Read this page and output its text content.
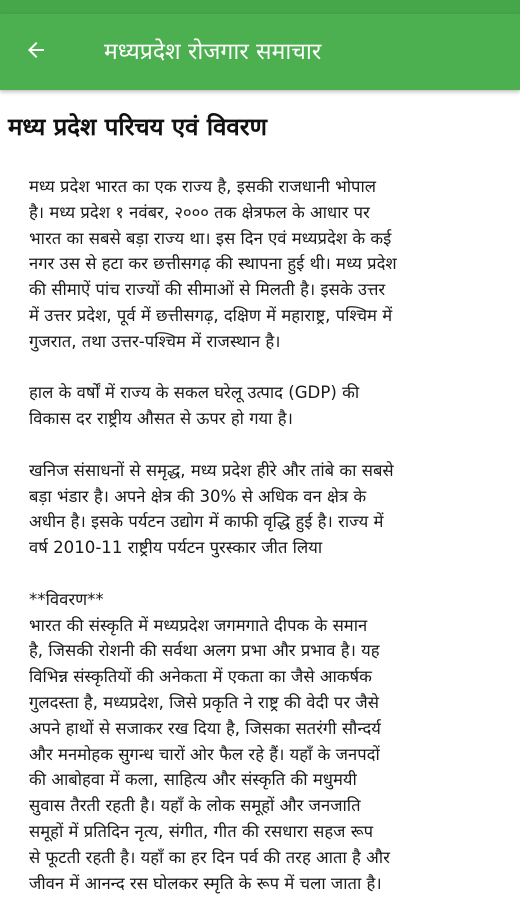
मध्यप्रदेश रोजगार समाचार
मध्य प्रदेश परिचय एवं विवरण

मध्य प्रदेश भारत का एक राज्य है, इसकी राजधानी भोपाल
है। मध्य प्रदेश १ नवंबर, २००० तक क्षेत्रफल के आधार पर
भारत का सबसे बड़ा राज्य था। इस दिन एवं मध्यप्रदेश के कई
नगर उस से हटा कर छत्तीसगढ़ की स्थापना हुई थी। मध्य प्रदेश
की सीमाऐं पांच राज्यों की सीमाओं से मिलती है। इसके उत्तर
में उत्तर प्रदेश, पूर्व में छत्तीसगढ़, दक्षिण में महाराष्ट्र, पश्चिम में
गुजरात, तथा उत्तर-पश्चिम में राजस्थान है।

हाल के वर्षों में राज्य के सकल घरेलू उत्पाद (GDP) की
विकास दर राष्ट्रीय औसत से ऊपर हो गया है।

खनिज संसाधनों से समृद्ध, मध्य प्रदेश हीरे और तांबे का सबसे
बड़ा भंडार है। अपने क्षेत्र की 30% से अधिक वन क्षेत्र के
अधीन है। इसके पर्यटन उद्योग में काफी वृद्धि हुई है। राज्य में
वर्ष 2010-11 राष्ट्रीय पर्यटन पुरस्कार जीत लिया

**विवरण**
भारत की संस्कृति में मध्यप्रदेश जगमगाते दीपक के समान
है, जिसकी रोशनी की सर्वथा अलग प्रभा और प्रभाव है। यह
विभिन्न संस्कृतियों की अनेकता में एकता का जैसे आकर्षक
गुलदस्ता है, मध्यप्रदेश, जिसे प्रकृति ने राष्ट्र की वेदी पर जैसे
अपने हाथों से सजाकर रख दिया है, जिसका सतरंगी सौन्दर्य
और मनमोहक सुगन्ध चारों ओर फैल रहे हैं। यहाँ के जनपदों
की आबोहवा में कला, साहित्य और संस्कृति की मधुमयी
सुवास तैरती रहती है। यहाँ के लोक समूहों और जनजाति
समूहों में प्रतिदिन नृत्य, संगीत, गीत की रसधारा सहज रूप
से फूटती रहती है। यहाँ का हर दिन पर्व की तरह आता है और
जीवन में आनन्द रस घोलकर स्मृति के रूप में चला जाता है।
